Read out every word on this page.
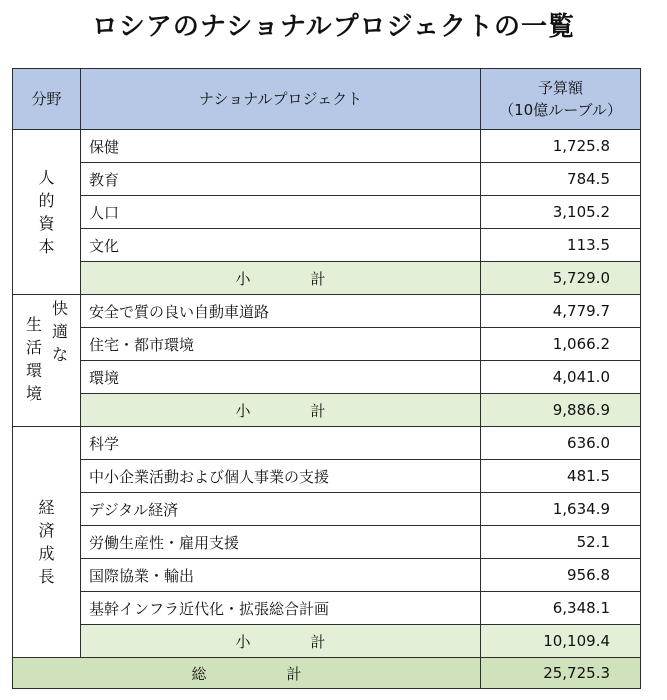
ロシアのナショナルプロジェクトの一覧
分野	ナショナルプロジェクト	予算額
（10億ルーブル）

人的資本	保健	1,725.8
	教育	784.5
	人口	3,105.2
	文化	113.5
	小 計	5,729.0

生活環境
快適な	安全で質の良い自動車道路	4,779.7
	住宅・都市環境	1,066.2
	環境	4,041.0
	小 計	9,886.9
経済成長	科学	636.0
	中小企業活動および個人事業の支援	481.5
	デジタル経済	1,634.9
	労働生産性・雇用支援	52.1
	国際協業・輸出	956.8
	基幹インフラ近代化・拡張総合計画	6,348.1
	小 計	10,109.4
総 計		25,725.3
